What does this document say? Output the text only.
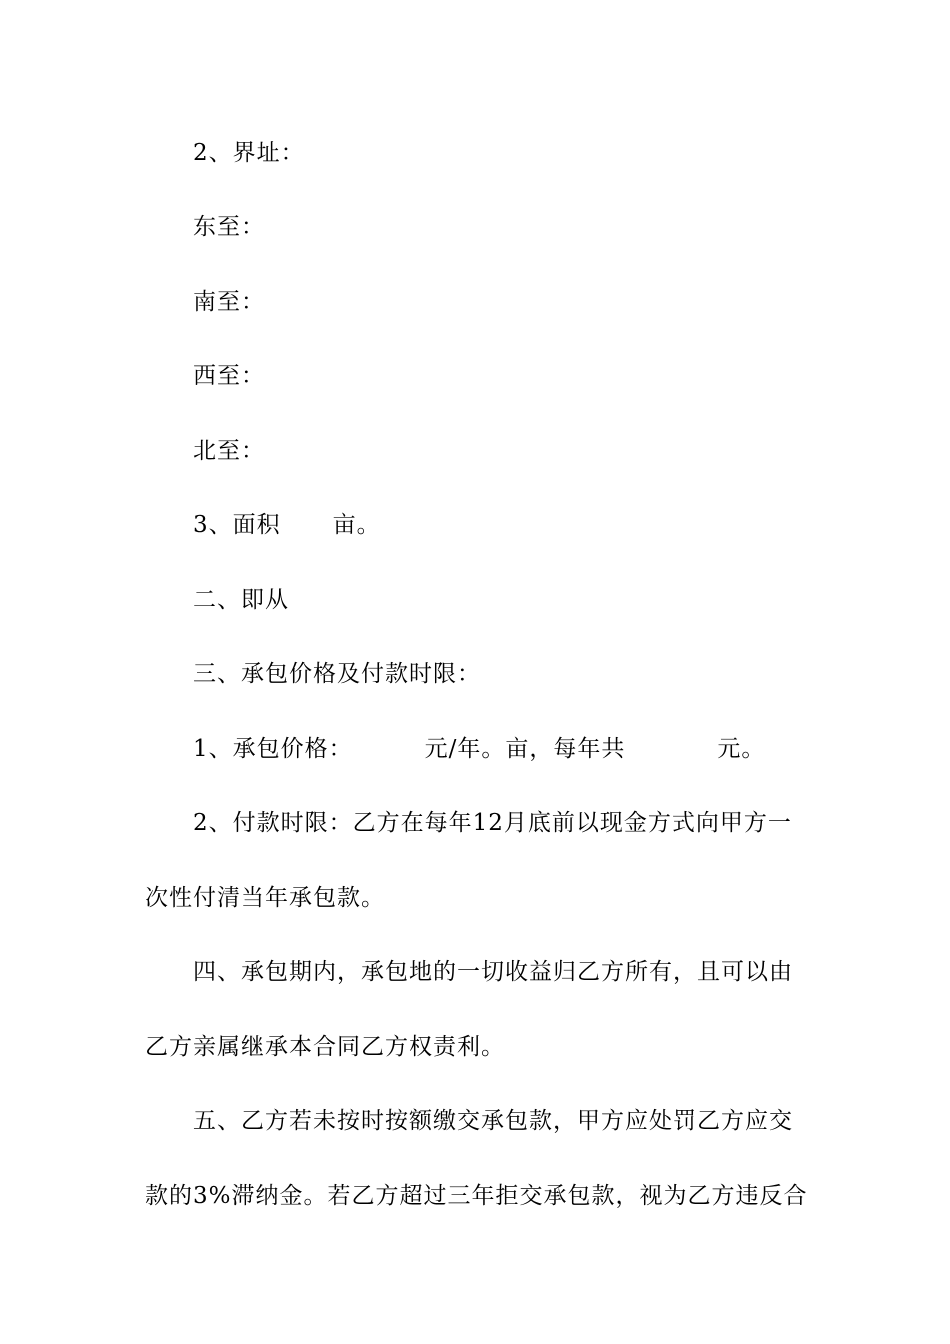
2、界址：
东至：
南至：
西至：
北至：
3、面积 亩。
二、即从
三、承包价格及付款时限：
1、承包价格：	元/年。亩，每年共	元。
2、付款时限：乙方在每年12月底前以现金方式向甲方一
次性付清当年承包款。
四、承包期内，承包地的一切收益归乙方所有，且可以由
乙方亲属继承本合同乙方权责利。
五、乙方若未按时按额缴交承包款，甲方应处罚乙方应交
款的3%滞纳金。若乙方超过三年拒交承包款，视为乙方违反合
